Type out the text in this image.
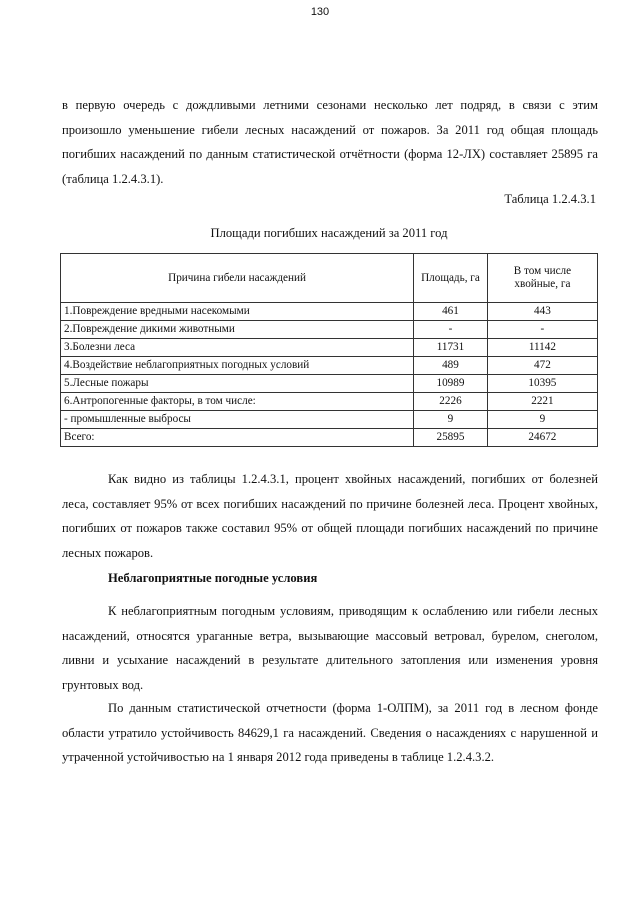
130

в первую очередь с дождливыми летними сезонами несколько лет подряд, в связи с этим произошло уменьшение гибели лесных насаждений от пожаров. За 2011 год общая площадь погибших насаждений по данным статистической отчётности (форма 12-ЛХ) составляет 25895 га (таблица 1.2.4.3.1).

Таблица 1.2.4.3.1

Площади погибших насаждений за 2011 год

Причина гибели насаждений	Площадь, га	В том числе хвойные, га
1.Повреждение вредными насекомыми	461	443
2.Повреждение дикими животными	-	-
3.Болезни леса	11731	11142
4.Воздействие неблагоприятных погодных условий	489	472
5.Лесные пожары	10989	10395
6.Антропогенные факторы, в том числе:	2226	2221
- промышленные выбросы	9	9
Всего:	25895	24672

Как видно из таблицы 1.2.4.3.1, процент хвойных насаждений, погибших от болезней леса, составляет 95% от всех погибших насаждений по причине болезней леса. Процент хвойных, погибших от пожаров также составил 95% от общей площади погибших насаждений по причине лесных пожаров.

Неблагоприятные погодные условия

К неблагоприятным погодным условиям, приводящим к ослаблению или гибели лесных насаждений, относятся ураганные ветра, вызывающие массовый ветровал, бурелом, снеголом, ливни и усыхание насаждений в результате длительного затопления или изменения уровня грунтовых вод.

По данным статистической отчетности (форма 1-ОЛПМ), за 2011 год в лесном фонде области утратило устойчивость 84629,1 га насаждений. Сведения о насаждениях с нарушенной и утраченной устойчивостью на 1 января 2012 года приведены в таблице 1.2.4.3.2.
